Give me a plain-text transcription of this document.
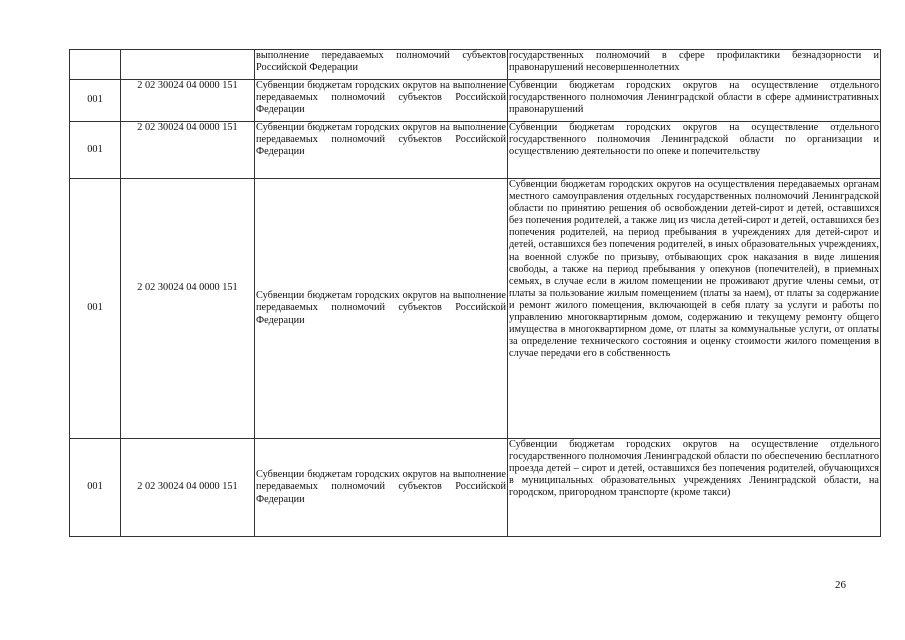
		выполнение передаваемых полномочий субъектов Российской Федерации	государственных полномочий в сфере профилактики безнадзорности и правонарушений несовершеннолетних
001	2 02 30024 04 0000 151	Субвенции бюджетам городских округов на выполнение передаваемых полномочий субъектов Российской Федерации	Субвенции бюджетам городских округов на осуществление отдельного государственного полномочия Ленинградской области в сфере административных правонарушений
001	2 02 30024 04 0000 151	Субвенции бюджетам городских округов на выполнение передаваемых полномочий субъектов Российской Федерации	Субвенции бюджетам городских округов на осуществление отдельного государственного полномочия Ленинградской области по организации и осуществлению деятельности по опеке и попечительству
001	2 02 30024 04 0000 151	Субвенции бюджетам городских округов на выполнение передаваемых полномочий субъектов Российской Федерации	Субвенции бюджетам городских округов на осуществления передаваемых органам местного самоуправления отдельных государственных полномочий Ленинградской области по принятию решения об освобождении детей-сирот и детей, оставшихся без попечения родителей, а также лиц из числа детей-сирот и детей, оставшихся без попечения родителей, на период пребывания в учреждениях для детей-сирот и детей, оставшихся без попечения родителей, в иных образовательных учреждениях, на военной службе по призыву, отбывающих срок наказания в виде лишения свободы, а также на период пребывания у опекунов (попечителей), в приемных семьях, в случае если в жилом помещении не проживают другие члены семьи, от платы за пользование жилым помещением (платы за наем), от платы за содержание и ремонт жилого помещения, включающей в себя плату за услуги и работы по управлению многоквартирным домом, содержанию и текущему ремонту общего имущества в многоквартирном доме, от платы за коммунальные услуги, от оплаты за определение технического состояния и оценку стоимости жилого помещения в случае передачи его в собственность
001	2 02 30024 04 0000 151	Субвенции бюджетам городских округов на выполнение передаваемых полномочий субъектов Российской Федерации	Субвенции бюджетам городских округов на осуществление отдельного государственного полномочия Ленинградской области по обеспечению бесплатного проезда детей – сирот и детей, оставшихся без попечения родителей, обучающихся в муниципальных образовательных учреждениях Ленинградской области, на городском, пригородном транспорте (кроме такси)
26
